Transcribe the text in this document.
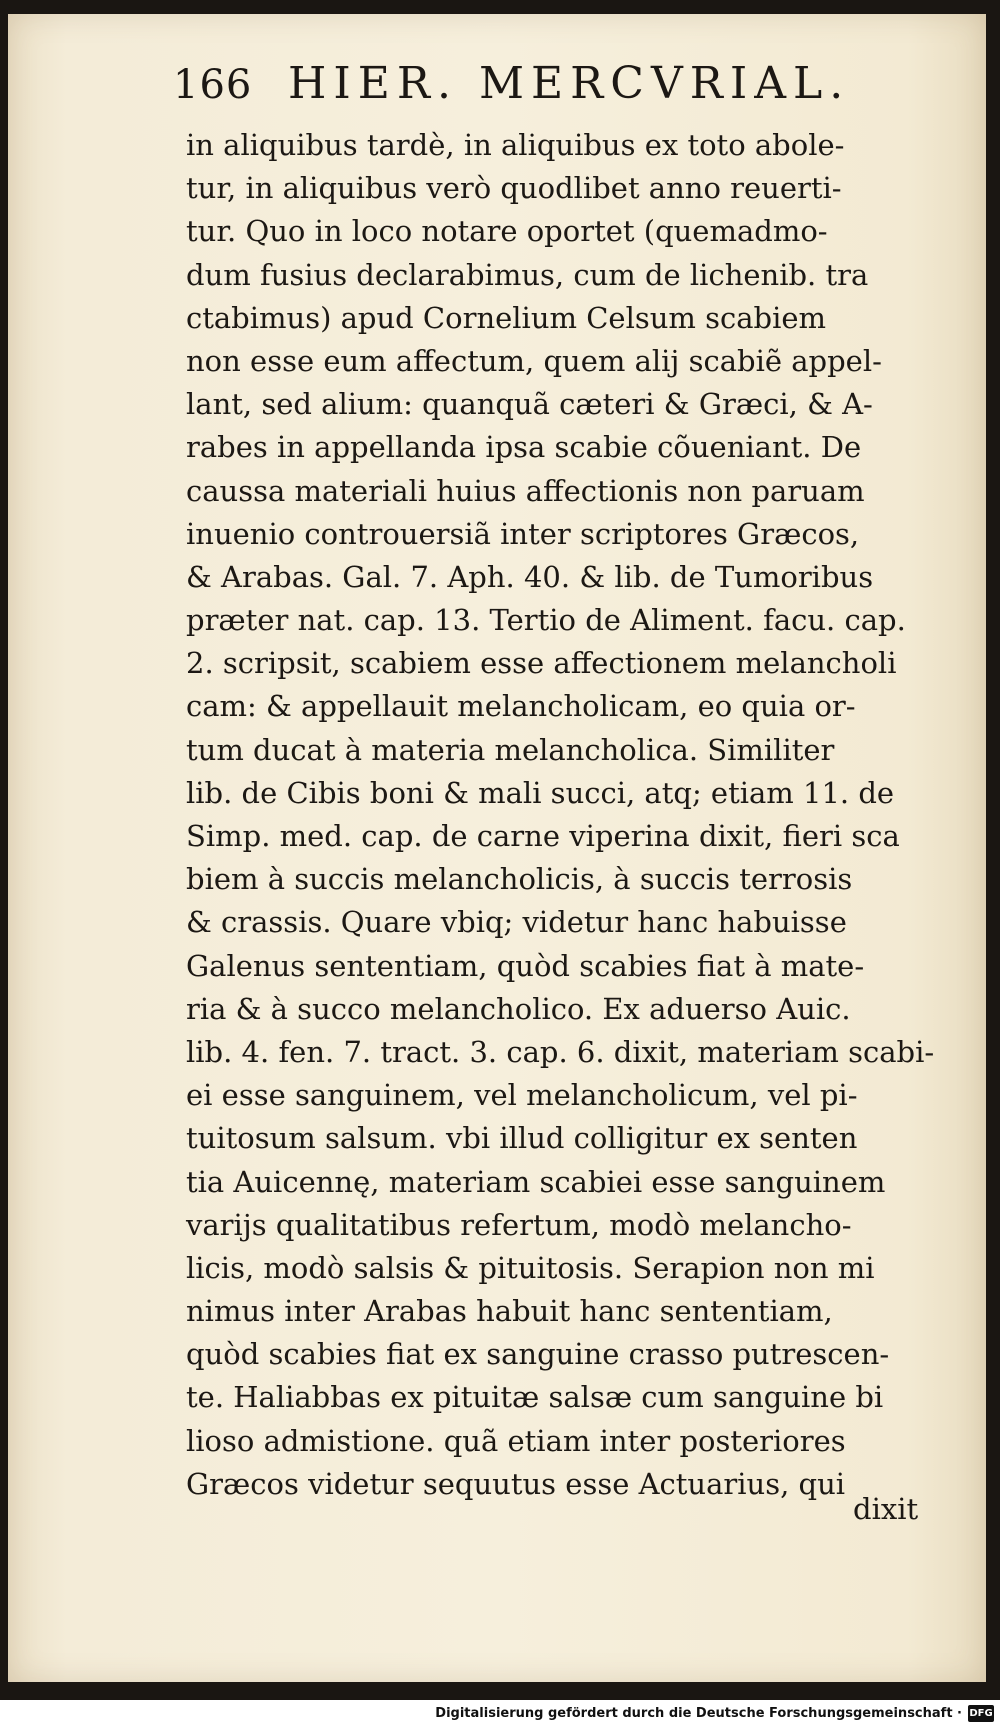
166 HIER. MERCVRIAL.
in aliquibus tardè, in aliquibus ex toto abole-
tur, in aliquibus verò quodlibet anno reuerti-
tur. Quo in loco notare oportet (quemadmo-
dum fusius declarabimus, cum de lichenib. tra
ctabimus) apud Cornelium Celsum scabiem
non esse eum affectum, quem alij scabiẽ appel-
lant, sed alium: quanquã cæteri & Græci, & A-
rabes in appellanda ipsa scabie cõueniant. De
caussa materiali huius affectionis non paruam
inuenio controuersiã inter scriptores Græcos,
& Arabas. Gal. 7. Aph. 40. & lib. de Tumoribus
præter nat. cap. 13. Tertio de Aliment. facu. cap.
2. scripsit, scabiem esse affectionem melancholi
cam: & appellauit melancholicam, eo quia or-
tum ducat à materia melancholica. Similiter
lib. de Cibis boni & mali succi, atq; etiam 11. de
Simp. med. cap. de carne viperina dixit, fieri sca
biem à succis melancholicis, à succis terrosis
& crassis. Quare vbiq; videtur hanc habuisse
Galenus sententiam, quòd scabies fiat à mate-
ria & à succo melancholico. Ex aduerso Auic.
lib. 4. fen. 7. tract. 3. cap. 6. dixit, materiam scabi-
ei esse sanguinem, vel melancholicum, vel pi-
tuitosum salsum. vbi illud colligitur ex senten
tia Auicennę, materiam scabiei esse sanguinem
varijs qualitatibus refertum, modò melancho-
licis, modò salsis & pituitosis. Serapion non mi
nimus inter Arabas habuit hanc sententiam,
quòd scabies fiat ex sanguine crasso putrescen-
te. Haliabbas ex pituitæ salsæ cum sanguine bi
lioso admistione. quã etiam inter posteriores
Græcos videtur sequutus esse Actuarius, qui
dixit
Digitalisierung gefördert durch die Deutsche Forschungsgemeinschaft · DFG
